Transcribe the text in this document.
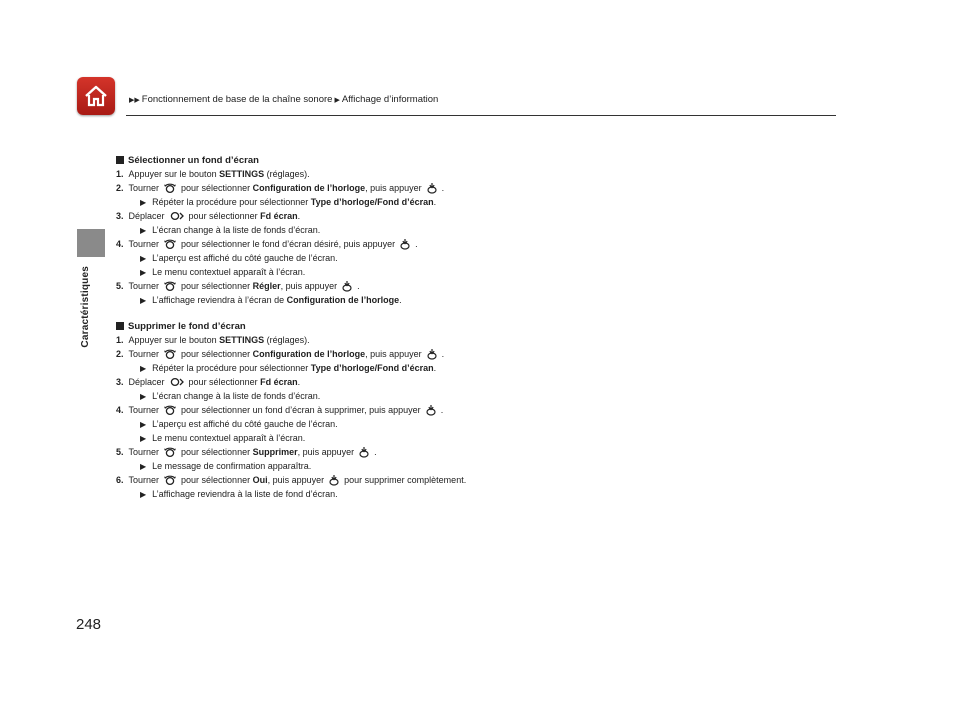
▶▶ Fonctionnement de base de la chaîne sonore ▶ Affichage d’information
Caractéristiques
248
Sélectionner un fond d’écran
1.
Appuyer sur le bouton
SETTINGS
(réglages).
2.
Tourner pour sélectionner
Configuration de l’horloge , puis appuyer .
▶ Répéter la procédure pour sélectionner
Type d’horloge/Fond d’écran .
3.
Déplacer	pour sélectionner
Fd écran .
▶ L’écran change à la liste de fonds d’écran.
4.
Tourner pour sélectionner le fond d’écran désiré, puis appuyer .
▶ L’aperçu est affiché du côté gauche de l’écran.
▶ Le menu contextuel apparaît à l’écran.
5.
Tourner pour sélectionner
Régler , puis appuyer .
▶ L’affichage reviendra à l’écran de
Configuration de l’horloge .
Supprimer le fond d’écran
1.
Appuyer sur le bouton
SETTINGS
(réglages).
2.
Tourner pour sélectionner
Configuration de l’horloge , puis appuyer .
▶ Répéter la procédure pour sélectionner
Type d’horloge/Fond d’écran .
3.
Déplacer	pour sélectionner
Fd écran .
▶ L’écran change à la liste de fonds d’écran.
4.
Tourner pour sélectionner un fond d’écran à supprimer, puis appuyer .
▶ L’aperçu est affiché du côté gauche de l’écran.
▶ Le menu contextuel apparaît à l’écran.
5.
Tourner pour sélectionner
Supprimer , puis appuyer .
▶ Le message de confirmation apparaîtra.
6.
Tourner pour sélectionner
Oui , puis appuyer pour supprimer complètement.
▶ L’affichage reviendra à la liste de fond d’écran.
